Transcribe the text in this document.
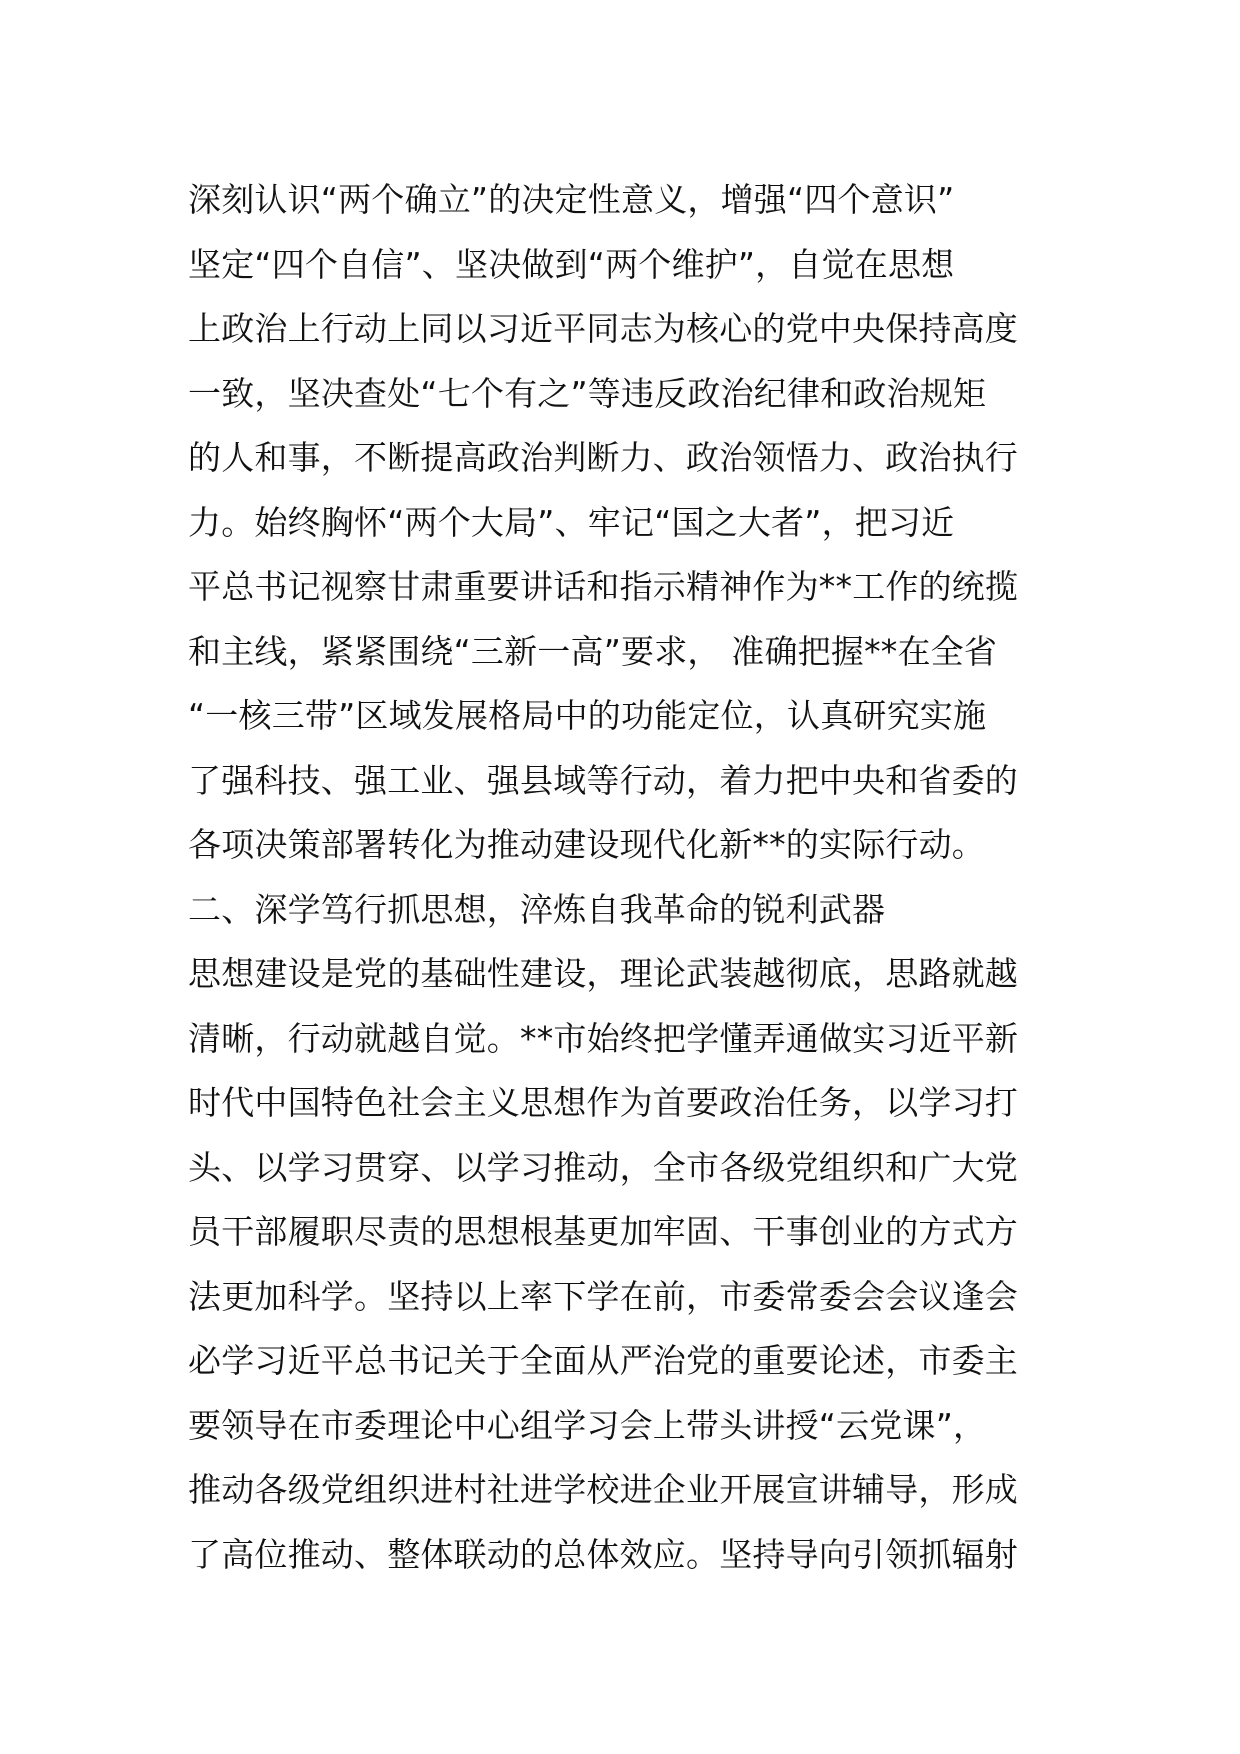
深刻认识“两个确立”的决定性意义，增强“四个意识”
坚定“四个自信”、坚决做到“两个维护”，自觉在思想
上政治上行动上同以习近平同志为核心的党中央保持高度
一致，坚决查处“七个有之”等违反政治纪律和政治规矩
的人和事，不断提高政治判断力、政治领悟力、政治执行
力。始终胸怀“两个大局”、牢记“国之大者”，把习近
平总书记视察甘肃重要讲话和指示精神作为**工作的统揽
和主线，紧紧围绕“三新一高”要求， 准确把握**在全省
“一核三带”区域发展格局中的功能定位，认真研究实施
了强科技、强工业、强县域等行动，着力把中央和省委的
各项决策部署转化为推动建设现代化新**的实际行动。
二、深学笃行抓思想，淬炼自我革命的锐利武器
思想建设是党的基础性建设，理论武装越彻底，思路就越
清晰，行动就越自觉。**市始终把学懂弄通做实习近平新
时代中国特色社会主义思想作为首要政治任务，以学习打
头、以学习贯穿、以学习推动，全市各级党组织和广大党
员干部履职尽责的思想根基更加牢固、干事创业的方式方
法更加科学。坚持以上率下学在前，市委常委会会议逢会
必学习近平总书记关于全面从严治党的重要论述，市委主
要领导在市委理论中心组学习会上带头讲授“云党课”，
推动各级党组织进村社进学校进企业开展宣讲辅导，形成
了高位推动、整体联动的总体效应。坚持导向引领抓辐射
